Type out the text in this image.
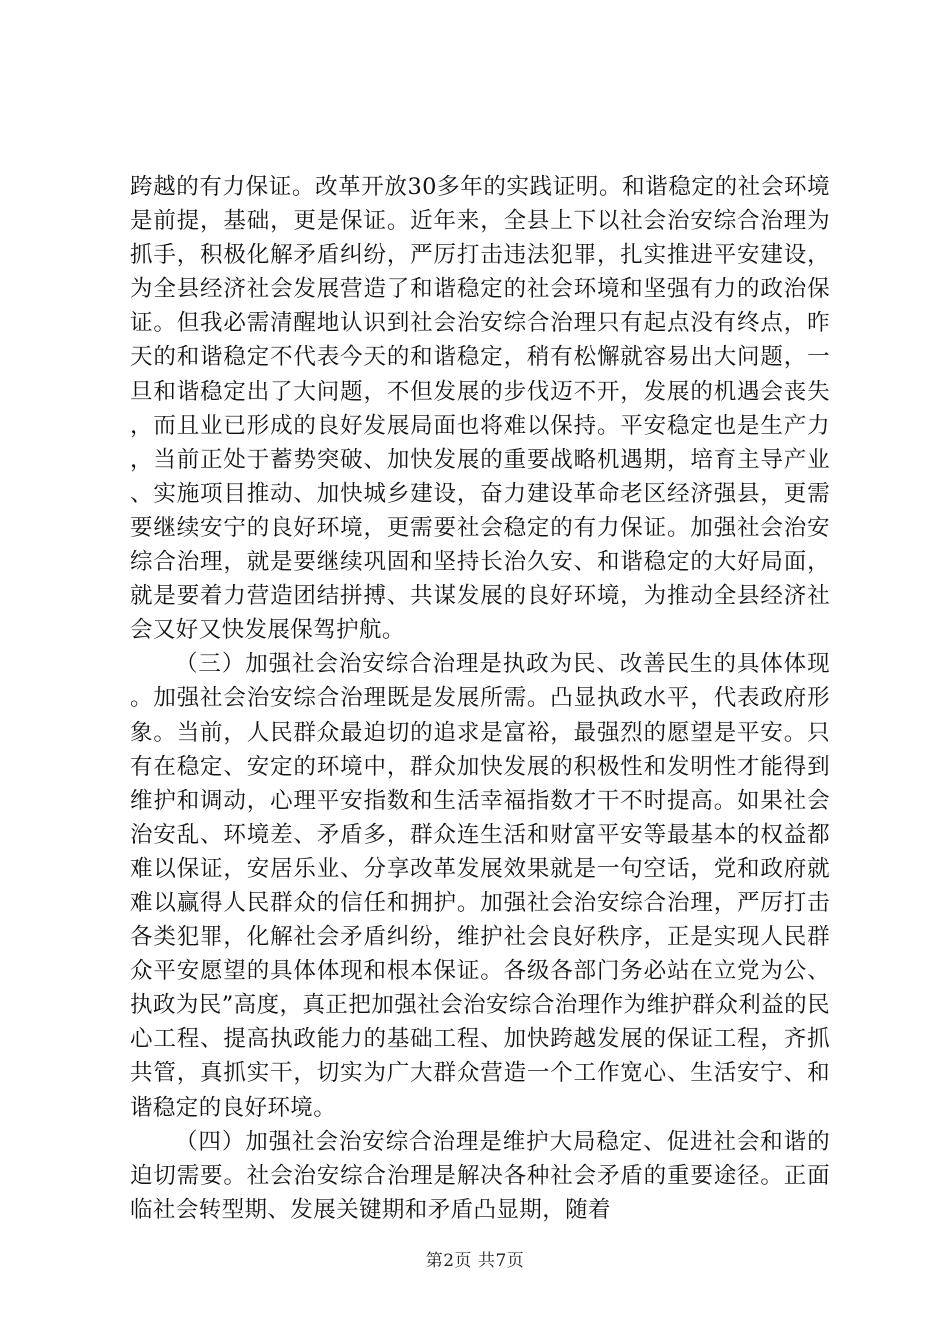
跨越的有力保证。改革开放30多年的实践证明。和谐稳定的社会环境是前提，基础，更是保证。近年来，全县上下以社会治安综合治理为抓手，积极化解矛盾纠纷，严厉打击违法犯罪，扎实推进平安建设，为全县经济社会发展营造了和谐稳定的社会环境和坚强有力的政治保证。但我必需清醒地认识到社会治安综合治理只有起点没有终点，昨天的和谐稳定不代表今天的和谐稳定，稍有松懈就容易出大问题，一旦和谐稳定出了大问题，不但发展的步伐迈不开，发展的机遇会丧失，而且业已形成的良好发展局面也将难以保持。平安稳定也是生产力，当前正处于蓄势突破、加快发展的重要战略机遇期，培育主导产业、实施项目推动、加快城乡建设，奋力建设革命老区经济强县，更需要继续安宁的良好环境，更需要社会稳定的有力保证。加强社会治安综合治理，就是要继续巩固和坚持长治久安、和谐稳定的大好局面，就是要着力营造团结拼搏、共谋发展的良好环境，为推动全县经济社会又好又快发展保驾护航。

（三）加强社会治安综合治理是执政为民、改善民生的具体体现。加强社会治安综合治理既是发展所需。凸显执政水平，代表政府形象。当前，人民群众最迫切的追求是富裕，最强烈的愿望是平安。只有在稳定、安定的环境中，群众加快发展的积极性和发明性才能得到维护和调动，心理平安指数和生活幸福指数才干不时提高。如果社会治安乱、环境差、矛盾多，群众连生活和财富平安等最基本的权益都难以保证，安居乐业、分享改革发展效果就是一句空话，党和政府就难以赢得人民群众的信任和拥护。加强社会治安综合治理，严厉打击各类犯罪，化解社会矛盾纠纷，维护社会良好秩序，正是实现人民群众平安愿望的具体体现和根本保证。各级各部门务必站在立党为公、执政为民”高度，真正把加强社会治安综合治理作为维护群众利益的民心工程、提高执政能力的基础工程、加快跨越发展的保证工程，齐抓共管，真抓实干，切实为广大群众营造一个工作宽心、生活安宁、和谐稳定的良好环境。

（四）加强社会治安综合治理是维护大局稳定、促进社会和谐的迫切需要。社会治安综合治理是解决各种社会矛盾的重要途径。正面临社会转型期、发展关键期和矛盾凸显期，随着

第2页 共7页
